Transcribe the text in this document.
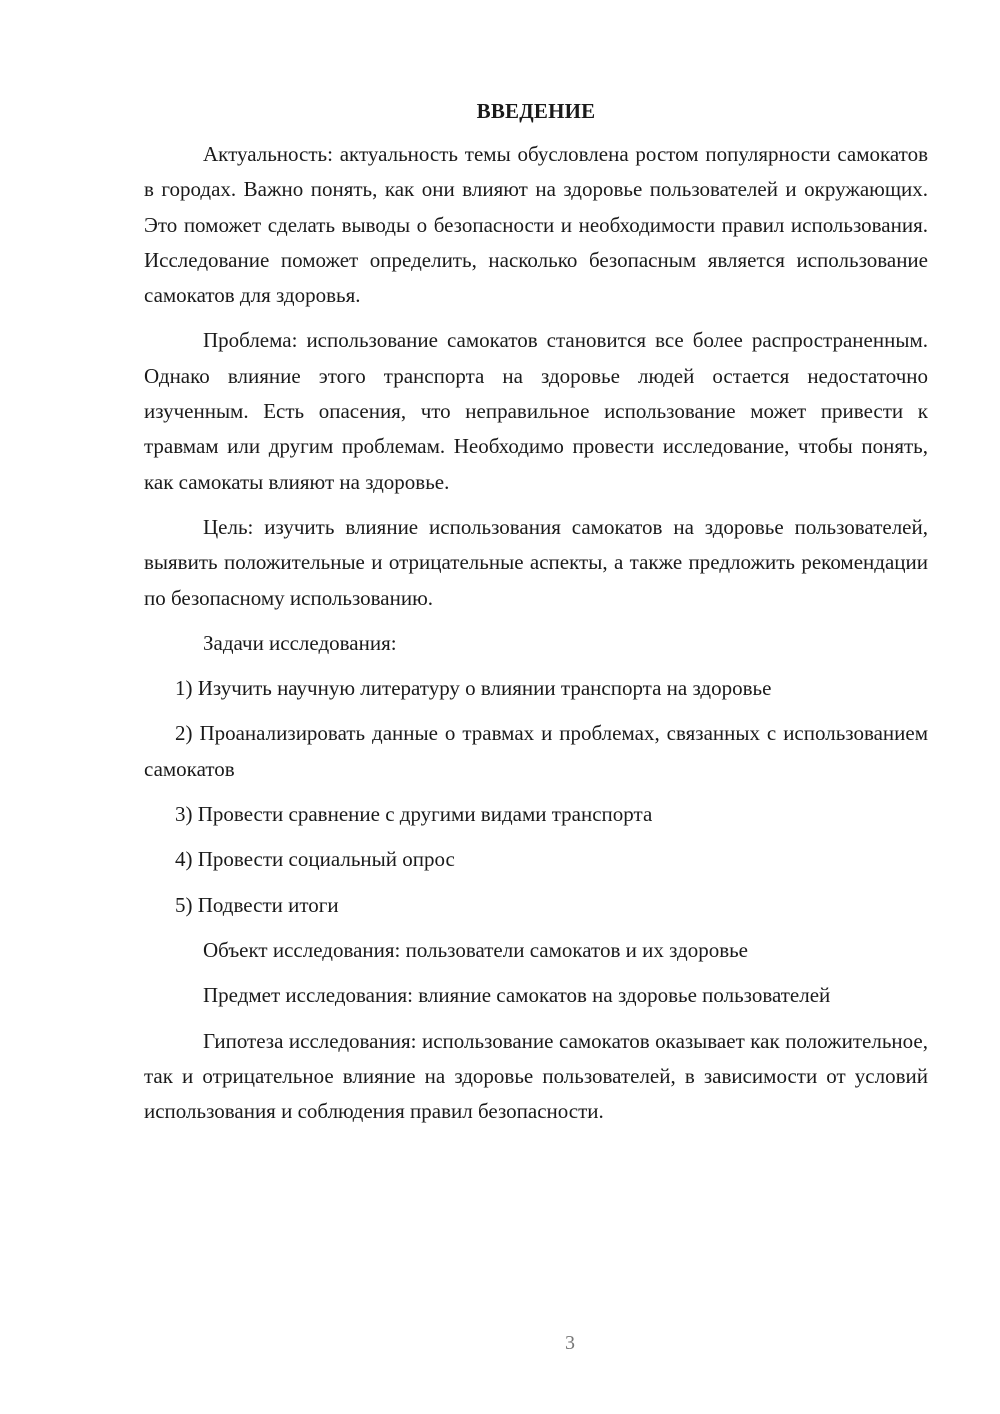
ВВЕДЕНИЕ

Актуальность: актуальность темы обусловлена ростом популярности самокатов в городах. Важно понять, как они влияют на здоровье пользователей и окружающих. Это поможет сделать выводы о безопасности и необходимости правил использования. Исследование поможет определить, насколько безопасным является использование самокатов для здоровья.

Проблема: использование самокатов становится все более распространенным. Однако влияние этого транспорта на здоровье людей остается недостаточно изученным. Есть опасения, что неправильное использование может привести к травмам или другим проблемам. Необходимо провести исследование, чтобы понять, как самокаты влияют на здоровье.

Цель: изучить влияние использования самокатов на здоровье пользователей, выявить положительные и отрицательные аспекты, а также предложить рекомендации по безопасному использованию.

Задачи исследования:

1) Изучить научную литературу о влиянии транспорта на здоровье

2) Проанализировать данные о травмах и проблемах, связанных с использованием самокатов

3) Провести сравнение с другими видами транспорта

4) Провести социальный опрос

5) Подвести итоги

Объект исследования: пользователи самокатов и их здоровье

Предмет исследования: влияние самокатов на здоровье пользователей

Гипотеза исследования: использование самокатов оказывает как положительное, так и отрицательное влияние на здоровье пользователей, в зависимости от условий использования и соблюдения правил безопасности.

3
